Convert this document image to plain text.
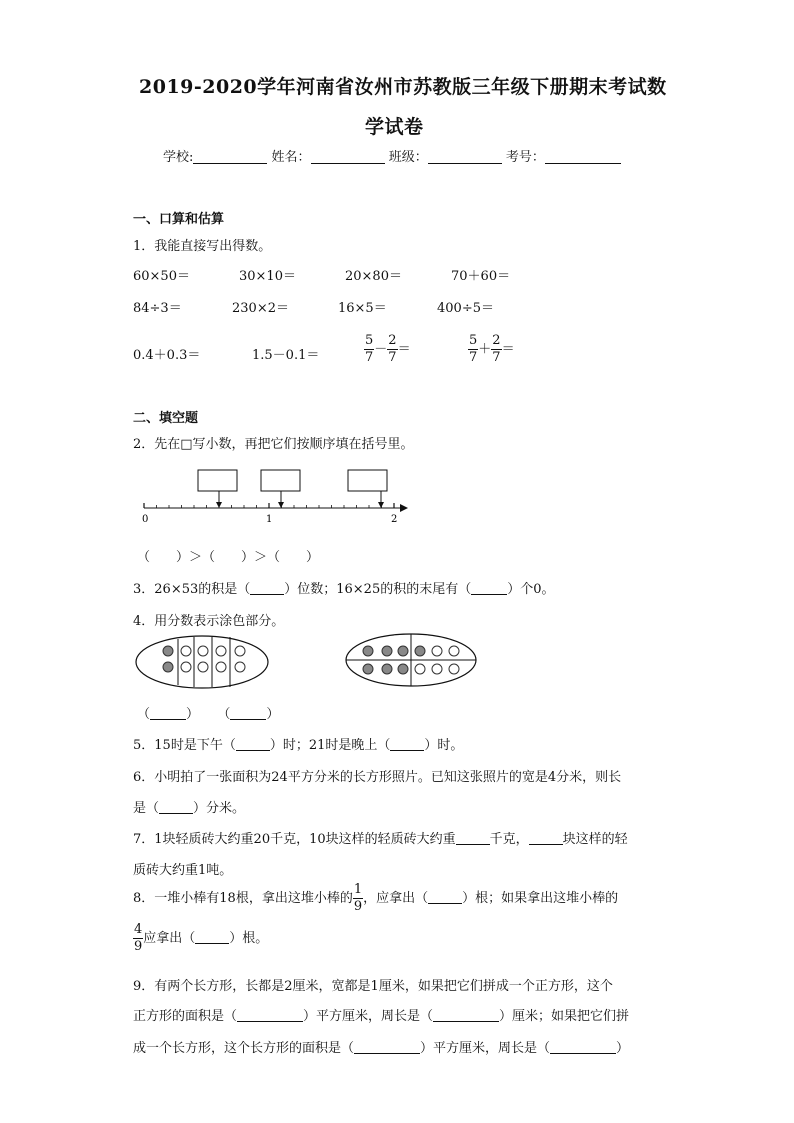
2019-2020学年河南省汝州市苏教版三年级下册期末考试数
学试卷
学校:	姓名：	班级：	考号：
一、口算和估算
1．我能直接写出得数。
60×50＝	30×10＝	20×80＝	70＋60＝
84÷3＝	230×2＝	16×5＝	400÷5＝
0.4＋0.3＝	1.5－0.1＝	$\frac{5}{7} - \frac{2}{7}$ ＝	$\frac{5}{7} + \frac{2}{7}$ ＝
二、填空题
2．先在□写小数，再把它们按顺序填在括号里。
0	1	2
（　　）＞（　　）＞（　　）
3．26×53的积是（	）位数；16×25的积的末尾有（	）个0。
4．用分数表示涂色部分。
（	） （	）
5．15时是下午（	）时；21时是晚上（	）时。
6．小明拍了一张面积为24平方分米的长方形照片。已知这张照片的宽是4分米，则长
是（	）分米。
7．1块轻质砖大约重20千克，10块这样的轻质砖大约重	千克，	块这样的轻
质砖大约重1吨。
8．一堆小棒有18根，拿出这堆小棒的 $\frac{1}{9}$ ，应拿出（	）根；如果拿出这堆小棒的
$\frac{4}{9}$ 应拿出（	）根。
9．有两个长方形，长都是2厘米，宽都是1厘米，如果把它们拼成一个正方形，这个
正方形的面积是（	）平方厘米，周长是（	）厘米；如果把它们拼
成一个长方形，这个长方形的面积是（	）平方厘米，周长是（	）
